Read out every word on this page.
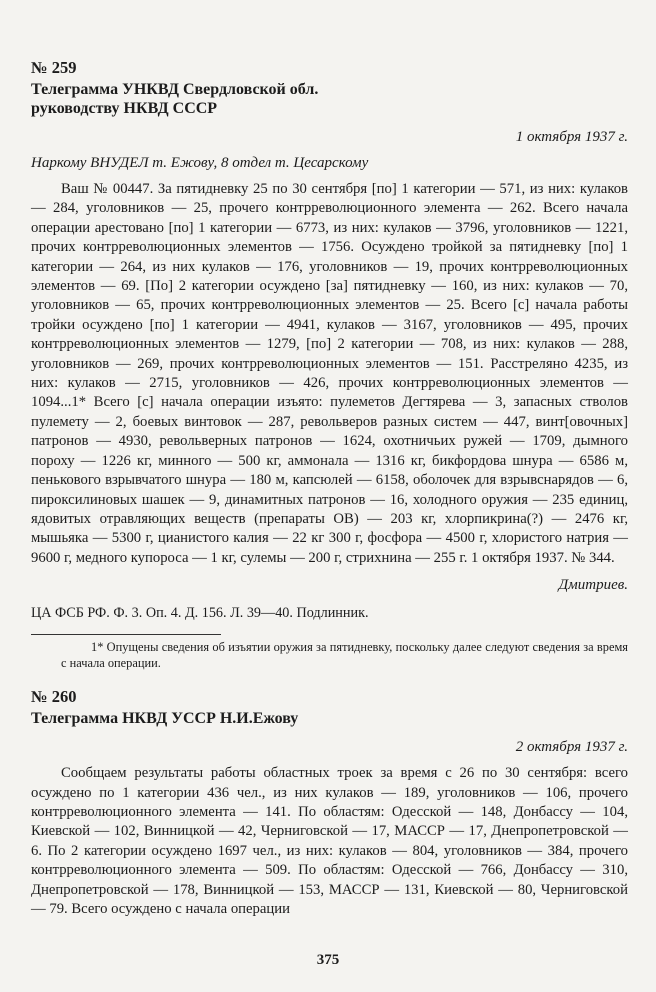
№ 259

Телеграмма УНКВД Свердловской обл.
руководству НКВД СССР

1 октября 1937 г.

Наркому ВНУДЕЛ т. Ежову, 8 отдел т. Цесарскому

Ваш № 00447. За пятидневку 25 по 30 сентября [по] 1 категории — 571, из них: кулаков — 284, уголовников — 25, прочего контрреволюционного элемента — 262. Всего начала операции арестовано [по] 1 категории — 6773, из них: кулаков — 3796, уголовников — 1221, прочих контрреволюционных элементов — 1756. Осуждено тройкой за пятидневку [по] 1 категории — 264, из них кулаков — 176, уголовников — 19, прочих контрреволюционных элементов — 69. [По] 2 категории осуждено [за] пятидневку — 160, из них: кулаков — 70, уголовников — 65, прочих контрреволюционных элементов — 25. Всего [с] начала работы тройки осуждено [по] 1 категории — 4941, кулаков — 3167, уголовников — 495, прочих контрреволюционных элементов — 1279, [по] 2 категории — 708, из них: кулаков — 288, уголовников — 269, прочих контрреволюционных элементов — 151. Расстреляно 4235, из них: кулаков — 2715, уголовников — 426, прочих контрреволюционных элементов — 1094...1* Всего [с] начала операции изъято: пулеметов Дегтярева — 3, запасных стволов пулемету — 2, боевых винтовок — 287, револьверов разных систем — 447, винт[овочных] патронов — 4930, револьверных патронов — 1624, охотничьих ружей — 1709, дымного пороху — 1226 кг, минного — 500 кг, аммонала — 1316 кг, бикфордова шнура — 6586 м, пенькового взрывчатого шнура — 180 м, капсюлей — 6158, оболочек для взрывснарядов — 6, пироксилиновых шашек — 9, динамитных патронов — 16, холодного оружия — 235 единиц, ядовитых отравляющих веществ (препараты ОВ) — 203 кг, хлорпикрина(?) — 2476 кг, мышьяка — 5300 г, цианистого калия — 22 кг 300 г, фосфора — 4500 г, хлористого натрия — 9600 г, медного купороса — 1 кг, сулемы — 200 г, стрихнина — 255 г. 1 октября 1937. № 344.

Дмитриев.

ЦА ФСБ РФ. Ф. 3. Оп. 4. Д. 156. Л. 39—40. Подлинник.

1* Опущены сведения об изъятии оружия за пятидневку, поскольку далее следуют сведения за время с начала операции.

№ 260

Телеграмма НКВД УССР Н.И.Ежову

2 октября 1937 г.

Сообщаем результаты работы областных троек за время с 26 по 30 сентября: всего осуждено по 1 категории 436 чел., из них кулаков — 189, уголовников — 106, прочего контрреволюционного элемента — 141. По областям: Одесской — 148, Донбассу — 104, Киевской — 102, Винницкой — 42, Черниговской — 17, МАССР — 17, Днепропетровской — 6. По 2 категории осуждено 1697 чел., из них: кулаков — 804, уголовников — 384, прочего контрреволюционного элемента — 509. По областям: Одесской — 766, Донбассу — 310, Днепропетровской — 178, Винницкой — 153, МАССР — 131, Киевской — 80, Черниговской — 79. Всего осуждено с начала операции

375
